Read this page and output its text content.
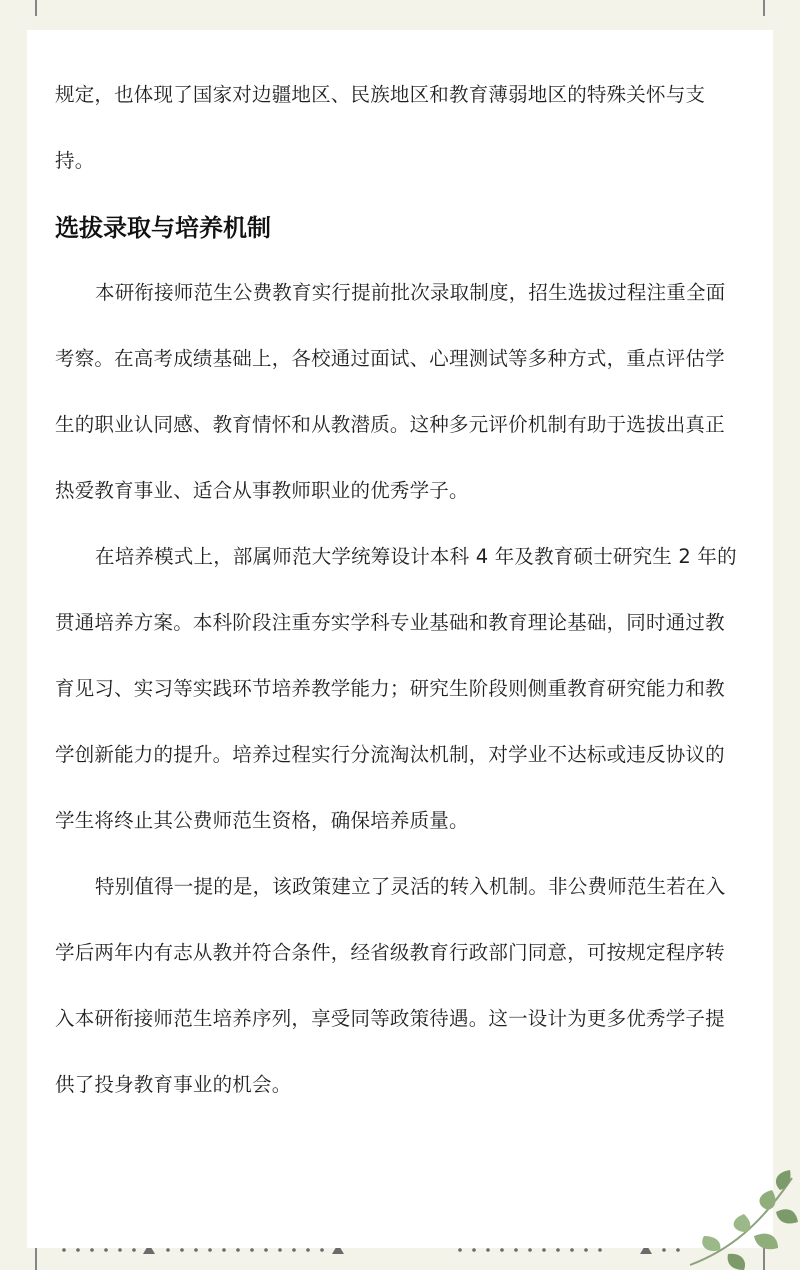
规定，也体现了国家对边疆地区、民族地区和教育薄弱地区的特殊关怀与支
持。
选拔录取与培养机制
本研衔接师范生公费教育实行提前批次录取制度，招生选拔过程注重全面
考察。在高考成绩基础上，各校通过面试、心理测试等多种方式，重点评估学
生的职业认同感、教育情怀和从教潜质。这种多元评价机制有助于选拔出真正
热爱教育事业、适合从事教师职业的优秀学子。
在培养模式上，部属师范大学统筹设计本科 4 年及教育硕士研究生 2 年的
贯通培养方案。本科阶段注重夯实学科专业基础和教育理论基础，同时通过教
育见习、实习等实践环节培养教学能力；研究生阶段则侧重教育研究能力和教
学创新能力的提升。培养过程实行分流淘汰机制，对学业不达标或违反协议的
学生将终止其公费师范生资格，确保培养质量。
特别值得一提的是，该政策建立了灵活的转入机制。非公费师范生若在入
学后两年内有志从教并符合条件，经省级教育行政部门同意，可按规定程序转
入本研衔接师范生培养序列，享受同等政策待遇。这一设计为更多优秀学子提
供了投身教育事业的机会。
